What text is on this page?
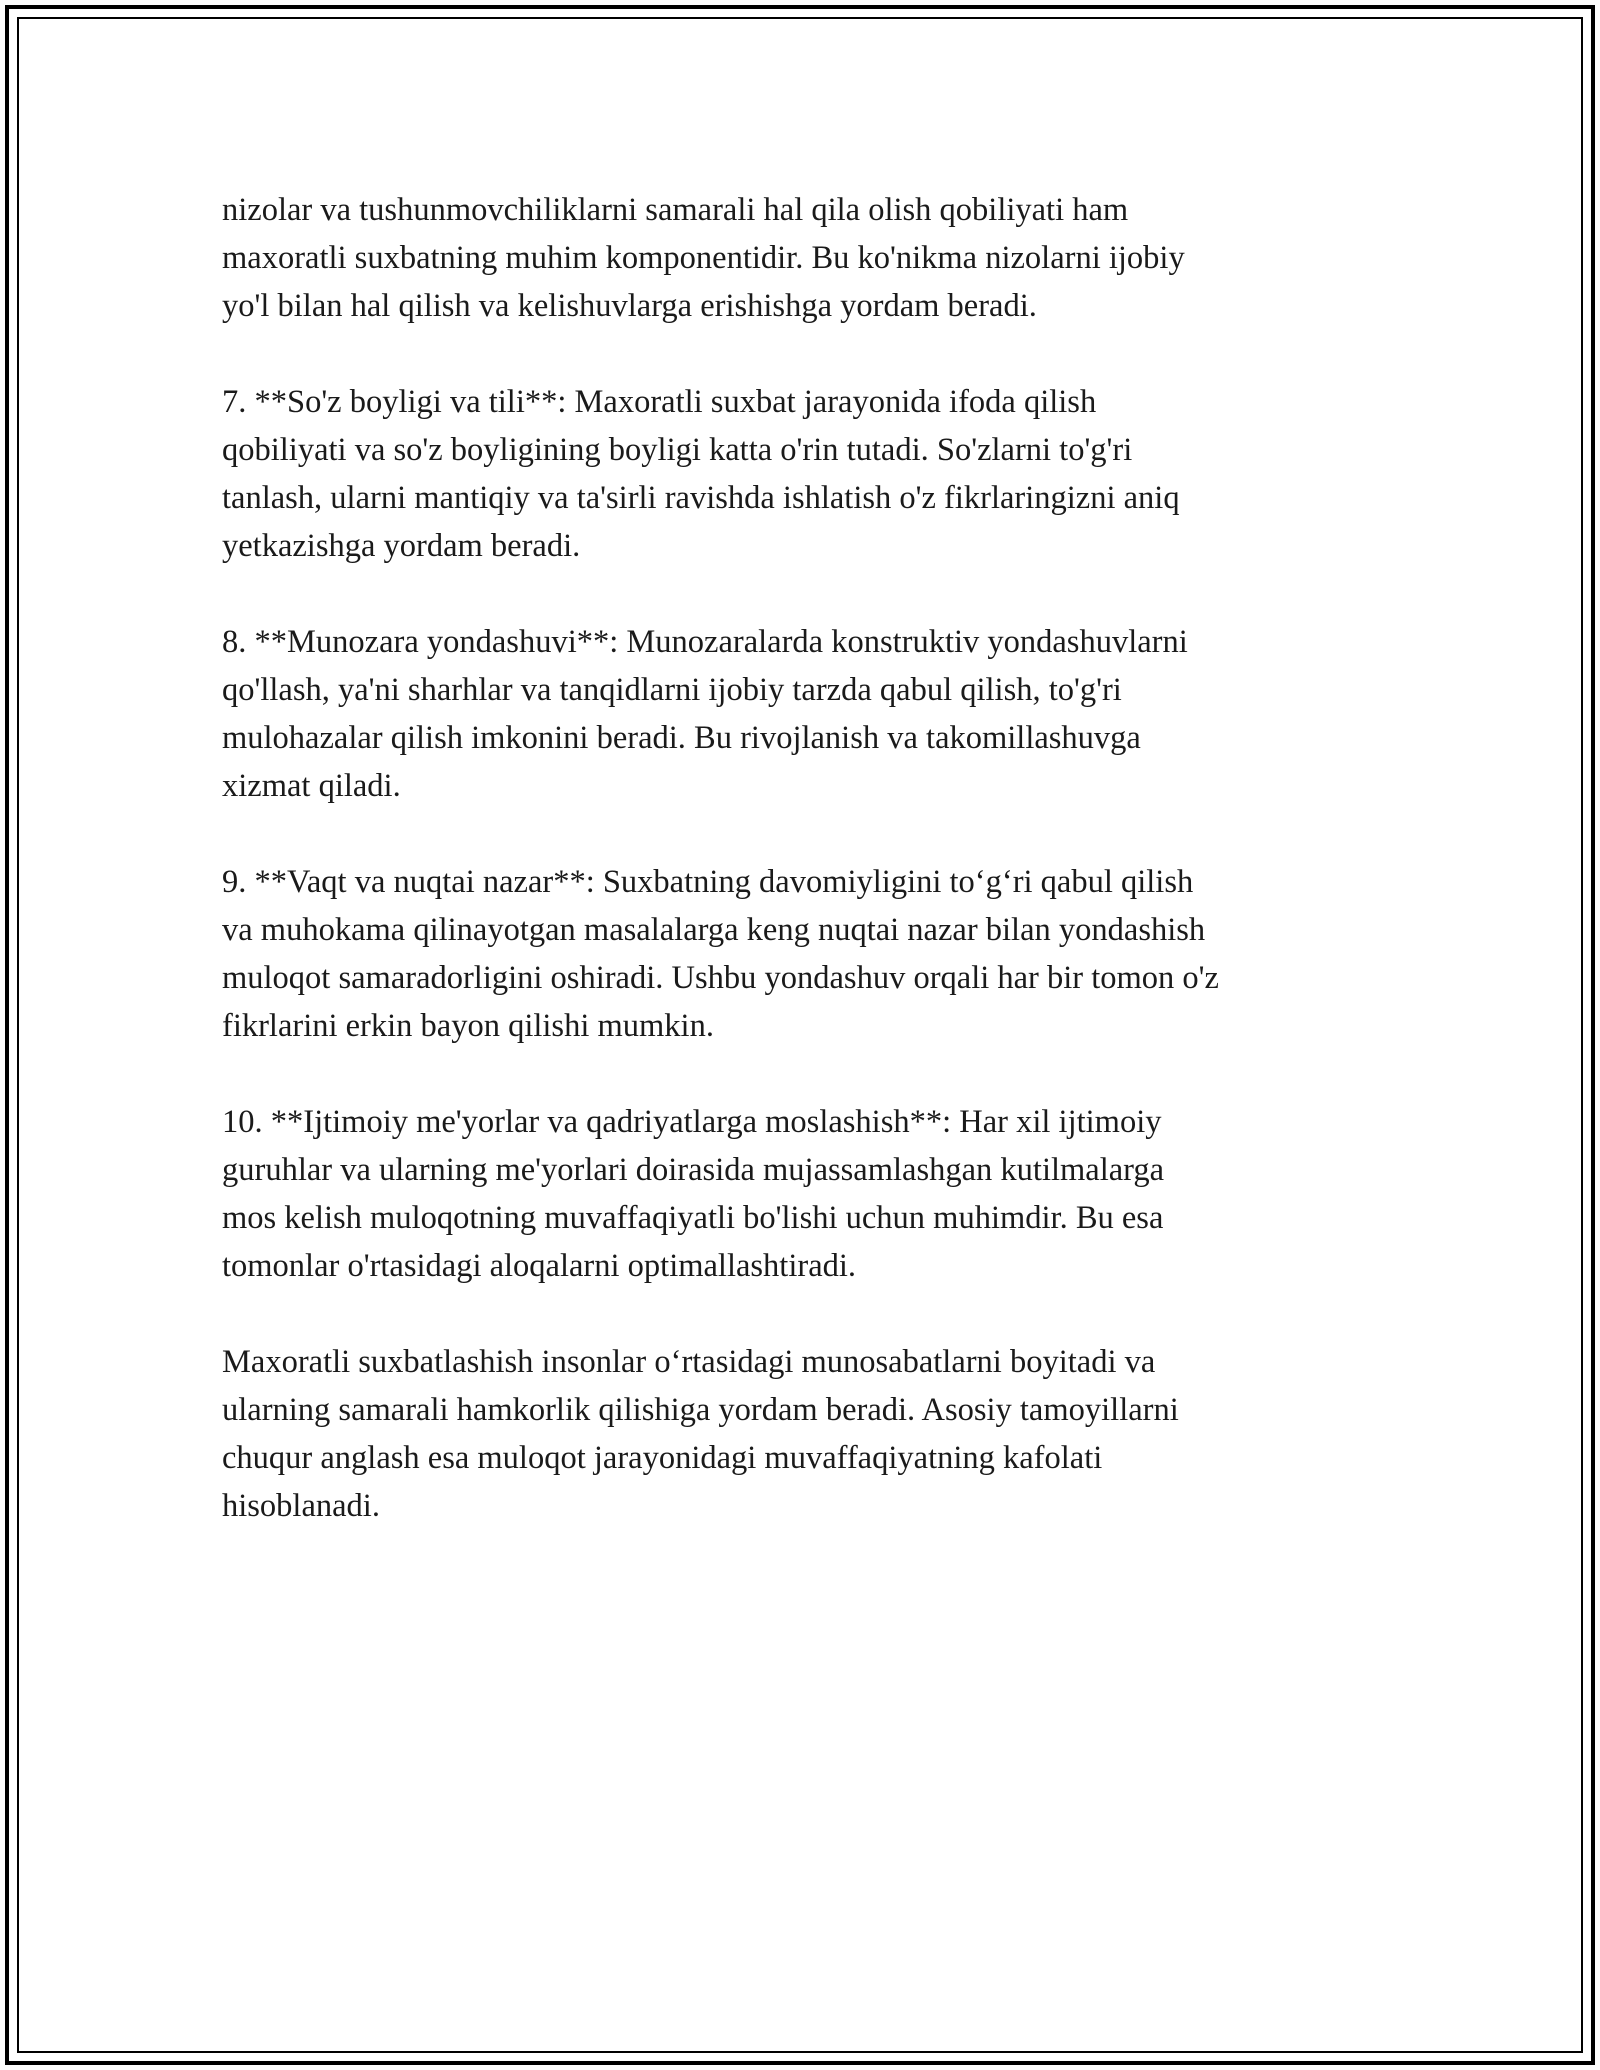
nizolar va tushunmovchiliklarni samarali hal qila olish qobiliyati ham
maxoratli suxbatning muhim komponentidir. Bu ko'nikma nizolarni ijobiy
yo'l bilan hal qilish va kelishuvlarga erishishga yordam beradi.

7. **So'z boyligi va tili**: Maxoratli suxbat jarayonida ifoda qilish
qobiliyati va so'z boyligining boyligi katta o'rin tutadi. So'zlarni to'g'ri
tanlash, ularni mantiqiy va ta'sirli ravishda ishlatish o'z fikrlaringizni aniq
yetkazishga yordam beradi.

8. **Munozara yondashuvi**: Munozaralarda konstruktiv yondashuvlarni
qo'llash, ya'ni sharhlar va tanqidlarni ijobiy tarzda qabul qilish, to'g'ri
mulohazalar qilish imkonini beradi. Bu rivojlanish va takomillashuvga
xizmat qiladi.

9. **Vaqt va nuqtai nazar**: Suxbatning davomiyligini to‘g‘ri qabul qilish
va muhokama qilinayotgan masalalarga keng nuqtai nazar bilan yondashish
muloqot samaradorligini oshiradi. Ushbu yondashuv orqali har bir tomon o'z
fikrlarini erkin bayon qilishi mumkin.

10. **Ijtimoiy me'yorlar va qadriyatlarga moslashish**: Har xil ijtimoiy
guruhlar va ularning me'yorlari doirasida mujassamlashgan kutilmalarga
mos kelish muloqotning muvaffaqiyatli bo'lishi uchun muhimdir. Bu esa
tomonlar o'rtasidagi aloqalarni optimallashtiradi.

Maxoratli suxbatlashish insonlar o‘rtasidagi munosabatlarni boyitadi va
ularning samarali hamkorlik qilishiga yordam beradi. Asosiy tamoyillarni
chuqur anglash esa muloqot jarayonidagi muvaffaqiyatning kafolati
hisoblanadi.
